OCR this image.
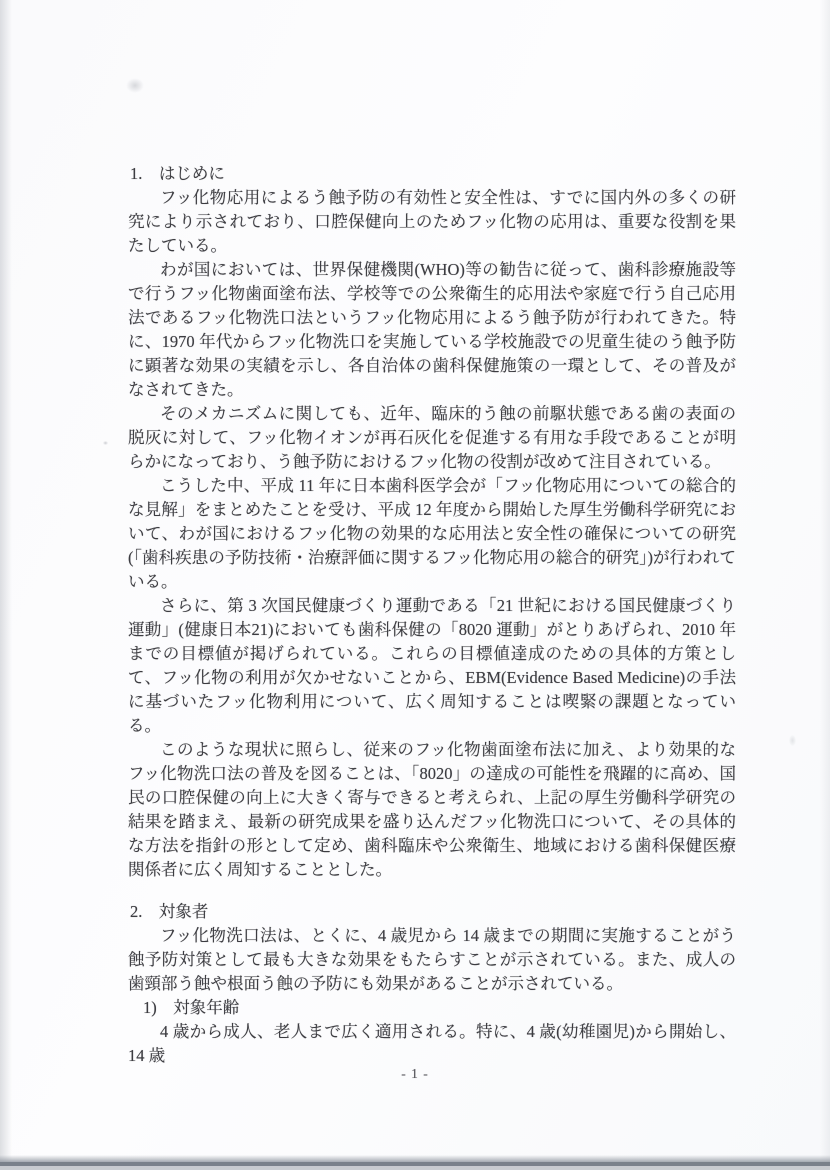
1.　はじめに

フッ化物応用によるう蝕予防の有効性と安全性は、すでに国内外の多くの研究により示されており、口腔保健向上のためフッ化物の応用は、重要な役割を果たしている。

わが国においては、世界保健機関(WHO)等の勧告に従って、歯科診療施設等で行うフッ化物歯面塗布法、学校等での公衆衛生的応用法や家庭で行う自己応用法であるフッ化物洗口法というフッ化物応用によるう蝕予防が行われてきた。特に、1970 年代からフッ化物洗口を実施している学校施設での児童生徒のう蝕予防に顕著な効果の実績を示し、各自治体の歯科保健施策の一環として、その普及がなされてきた。

そのメカニズムに関しても、近年、臨床的う蝕の前駆状態である歯の表面の脱灰に対して、フッ化物イオンが再石灰化を促進する有用な手段であることが明らかになっており、う蝕予防におけるフッ化物の役割が改めて注目されている。

こうした中、平成 11 年に日本歯科医学会が「フッ化物応用についての総合的な見解」をまとめたことを受け、平成 12 年度から開始した厚生労働科学研究において、わが国におけるフッ化物の効果的な応用法と安全性の確保についての研究(「歯科疾患の予防技術・治療評価に関するフッ化物応用の総合的研究」)が行われている。

さらに、第 3 次国民健康づくり運動である「21 世紀における国民健康づくり運動」(健康日本21)においても歯科保健の「8020 運動」がとりあげられ、2010 年までの目標値が掲げられている。これらの目標値達成のための具体的方策として、フッ化物の利用が欠かせないことから、EBM(Evidence Based Medicine)の手法に基づいたフッ化物利用について、広く周知することは喫緊の課題となっている。

このような現状に照らし、従来のフッ化物歯面塗布法に加え、より効果的なフッ化物洗口法の普及を図ることは、「8020」の達成の可能性を飛躍的に高め、国民の口腔保健の向上に大きく寄与できると考えられ、上記の厚生労働科学研究の結果を踏まえ、最新の研究成果を盛り込んだフッ化物洗口について、その具体的な方法を指針の形として定め、歯科臨床や公衆衛生、地域における歯科保健医療関係者に広く周知することとした。

2.　対象者

フッ化物洗口法は、とくに、4 歳児から 14 歳までの期間に実施することがう蝕予防対策として最も大きな効果をもたらすことが示されている。また、成人の歯頸部う蝕や根面う蝕の予防にも効果があることが示されている。

1)　対象年齢

4 歳から成人、老人まで広く適用される。特に、4 歳(幼稚園児)から開始し、14 歳

- 1 -
